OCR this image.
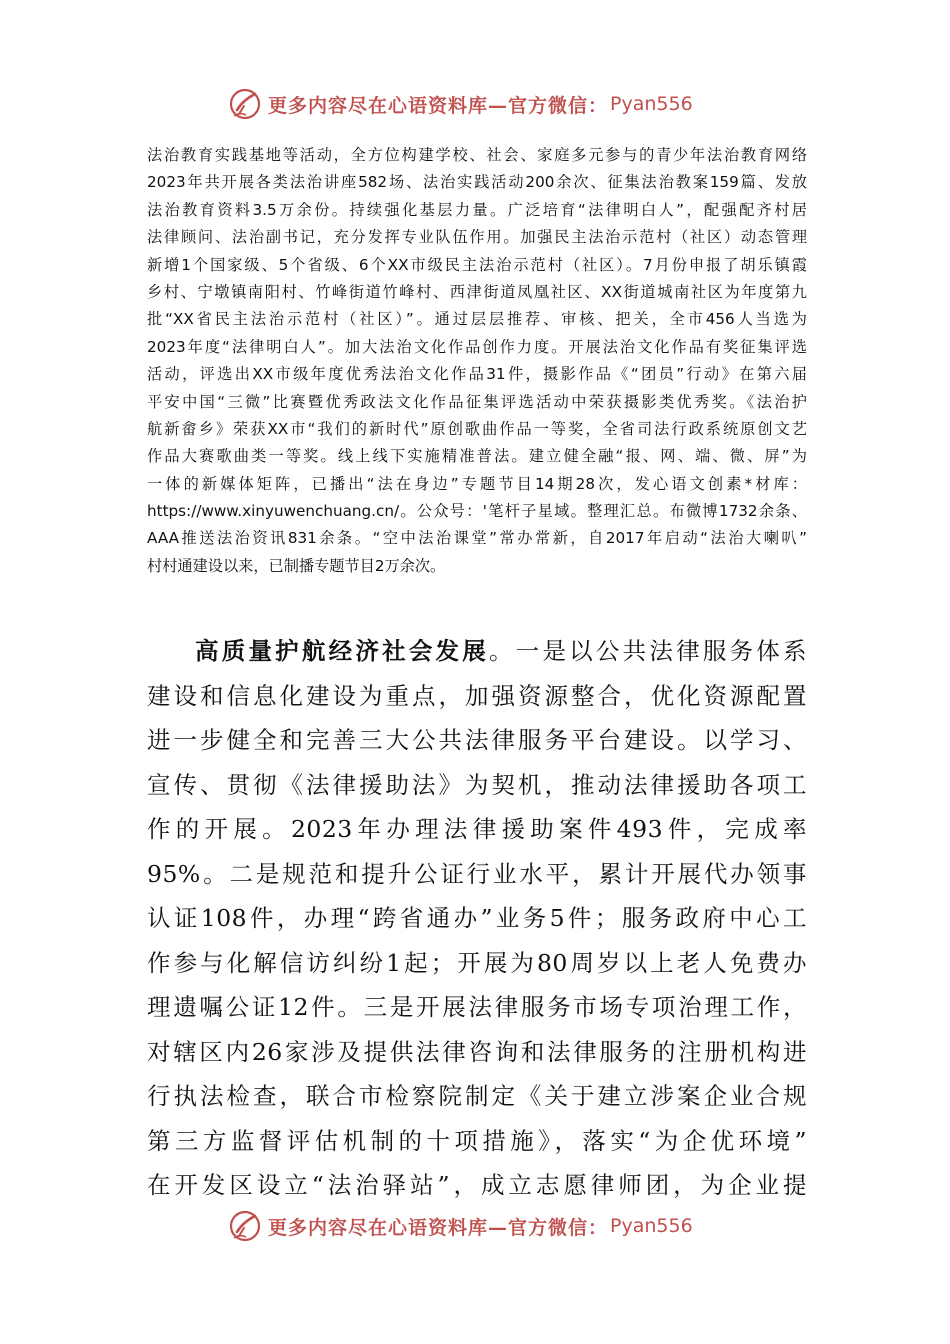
更多内容尽在心语资料库—官方微信： Pyan556
法治教育实践基地等活动，全方位构建学校、社会、家庭多元参与的青少年法治教育网络
2023年共开展各类法治讲座582场、法治实践活动200余次、征集法治教案159篇、发放
法治教育资料3.5万余份。持续强化基层力量。广泛培育“法律明白人”，配强配齐村居
法律顾问、法治副书记，充分发挥专业队伍作用。加强民主法治示范村（社区）动态管理
新增1个国家级、5个省级、6个XX市级民主法治示范村（社区）。7月份申报了胡乐镇霞
乡村、宁墩镇南阳村、竹峰街道竹峰村、西津街道凤凰社区、XX街道城南社区为年度第九
批“XX省民主法治示范村（社区）”。通过层层推荐、审核、把关，全市456人当选为
2023年度“法律明白人”。加大法治文化作品创作力度。开展法治文化作品有奖征集评选
活动，评选出XX市级年度优秀法治文化作品31件，摄影作品《“团员”行动》在第六届
平安中国“三微”比赛暨优秀政法文化作品征集评选活动中荣获摄影类优秀奖。《法治护
航新畲乡》荣获XX市“我们的新时代”原创歌曲作品一等奖，全省司法行政系统原创文艺
作品大赛歌曲类一等奖。线上线下实施精准普法。建立健全融“报、网、端、微、屏”为
一体的新媒体矩阵，已播出“法在身边”专题节目14期28次，发心语文创素*材库：
https://www.xinyuwenchuang.cn/。公众号：'笔杆子星域。整理汇总。布微博1732余条、
AAA推送法治资讯831余条。“空中法治课堂”常办常新，自2017年启动“法治大喇叭”
村村通建设以来，已制播专题节目2万余次。
高质量护航经济社会发展。一是以公共法律服务体系
建设和信息化建设为重点，加强资源整合，优化资源配置
进一步健全和完善三大公共法律服务平台建设。以学习、
宣传、贯彻《法律援助法》为契机，推动法律援助各项工
作的开展。2023年办理法律援助案件493件，完成率
95%。二是规范和提升公证行业水平，累计开展代办领事
认证108件，办理“跨省通办”业务5件；服务政府中心工
作参与化解信访纠纷1起；开展为80周岁以上老人免费办
理遗嘱公证12件。三是开展法律服务市场专项治理工作，
对辖区内26家涉及提供法律咨询和法律服务的注册机构进
行执法检查，联合市检察院制定《关于建立涉案企业合规
第三方监督评估机制的十项措施》，落实“为企优环境”
在开发区设立“法治驿站”，成立志愿律师团，为企业提
更多内容尽在心语资料库—官方微信： Pyan556
